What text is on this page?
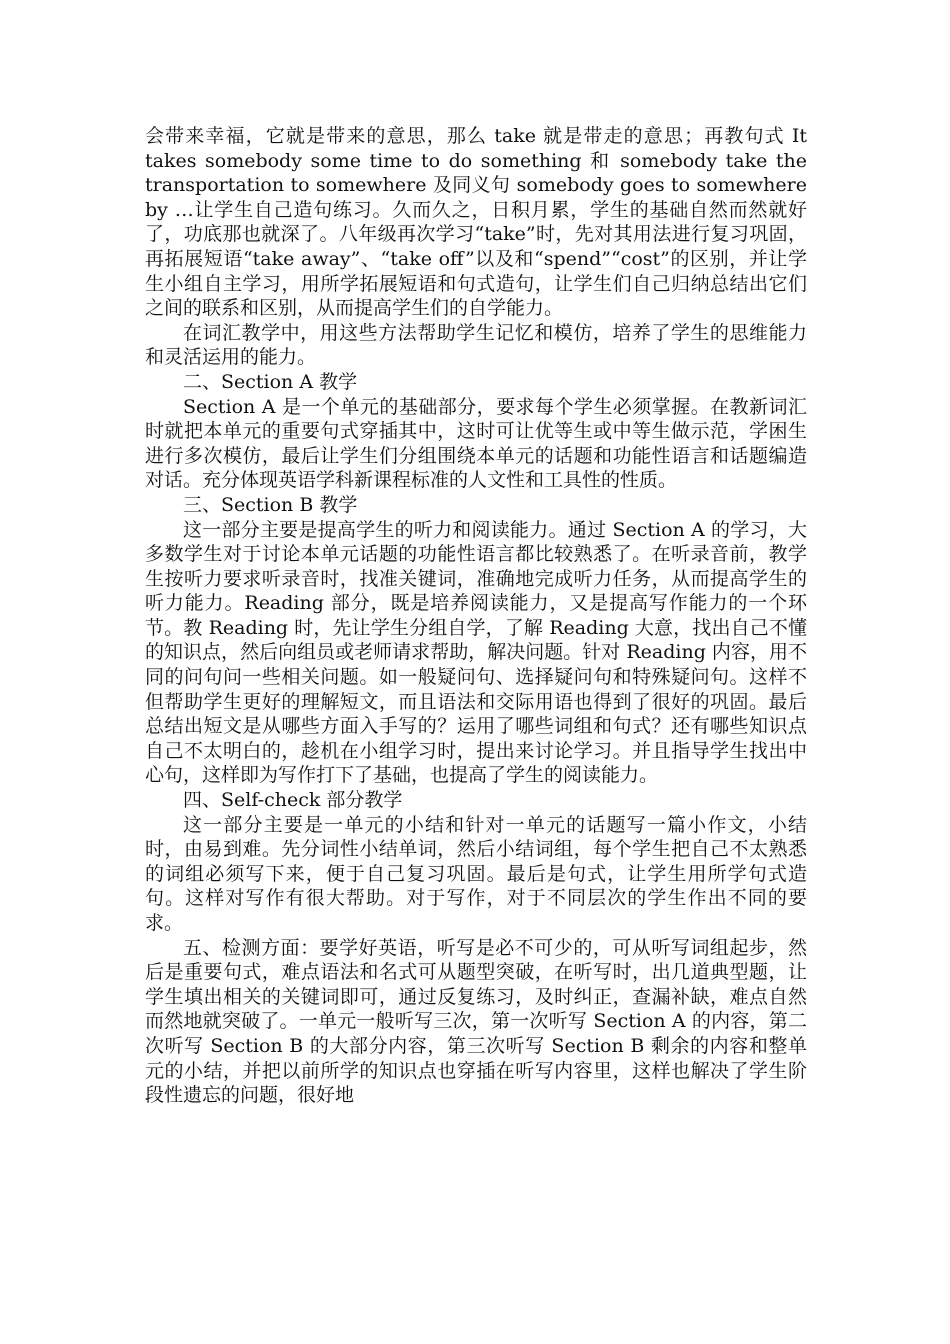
会带来幸福，它就是带来的意思，那么 take 就是带走的意思；再教句式 It takes somebody some time to do something 和 somebody take the transportation to somewhere 及同义句 somebody goes to somewhere by …让学生自己造句练习。久而久之，日积月累，学生的基础自然而然就好了，功底那也就深了。八年级再次学习“take”时，先对其用法进行复习巩固，再拓展短语“take away”、“take off”以及和“spend”“cost”的区别，并让学生小组自主学习，用所学拓展短语和句式造句，让学生们自己归纳总结出它们之间的联系和区别，从而提高学生们的自学能力。

在词汇教学中，用这些方法帮助学生记忆和模仿，培养了学生的思维能力和灵活运用的能力。

二、Section A 教学

Section A 是一个单元的基础部分，要求每个学生必须掌握。在教新词汇时就把本单元的重要句式穿插其中，这时可让优等生或中等生做示范，学困生进行多次模仿，最后让学生们分组围绕本单元的话题和功能性语言和话题编造对话。充分体现英语学科新课程标准的人文性和工具性的性质。

三、Section B 教学

这一部分主要是提高学生的听力和阅读能力。通过 Section A 的学习，大多数学生对于讨论本单元话题的功能性语言都比较熟悉了。在听录音前，教学生按听力要求听录音时，找准关键词，准确地完成听力任务，从而提高学生的听力能力。Reading 部分，既是培养阅读能力，又是提高写作能力的一个环节。教 Reading 时，先让学生分组自学，了解 Reading 大意，找出自己不懂的知识点，然后向组员或老师请求帮助，解决问题。针对 Reading 内容，用不同的问句问一些相关问题。如一般疑问句、选择疑问句和特殊疑问句。这样不但帮助学生更好的理解短文，而且语法和交际用语也得到了很好的巩固。最后总结出短文是从哪些方面入手写的？运用了哪些词组和句式？还有哪些知识点自己不太明白的，趁机在小组学习时，提出来讨论学习。并且指导学生找出中心句，这样即为写作打下了基础，也提高了学生的阅读能力。

四、Self-check 部分教学

这一部分主要是一单元的小结和针对一单元的话题写一篇小作文，小结时，由易到难。先分词性小结单词，然后小结词组，每个学生把自己不太熟悉的词组必须写下来，便于自己复习巩固。最后是句式，让学生用所学句式造句。这样对写作有很大帮助。对于写作，对于不同层次的学生作出不同的要求。

五、检测方面：要学好英语，听写是必不可少的，可从听写词组起步，然后是重要句式，难点语法和名式可从题型突破，在听写时，出几道典型题，让学生填出相关的关键词即可，通过反复练习，及时纠正，查漏补缺，难点自然而然地就突破了。一单元一般听写三次，第一次听写 Section A 的内容，第二次听写 Section B 的大部分内容，第三次听写 Section B 剩余的内容和整单元的小结，并把以前所学的知识点也穿插在听写内容里，这样也解决了学生阶段性遗忘的问题，很好地
